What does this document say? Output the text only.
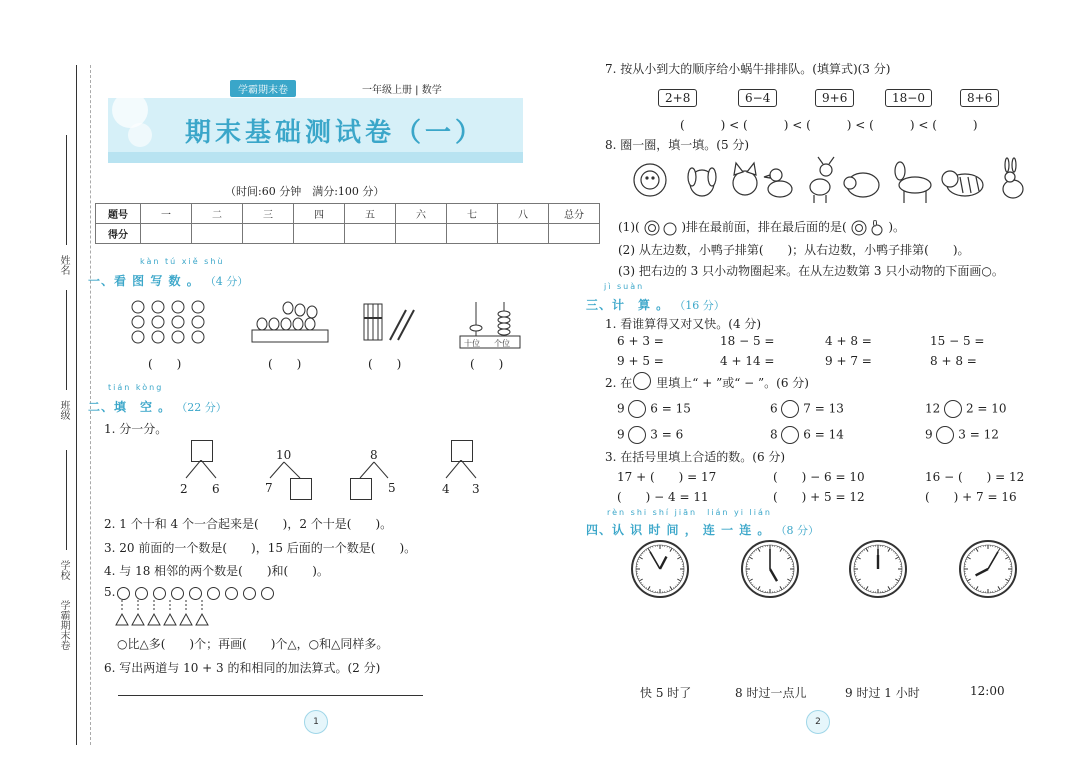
姓名
班级
学校
学霸期末卷
学霸期末卷	一年级上册 | 数学
期末基础测试卷（一）
（时间:60 分钟　满分:100 分）
题号	一	二	三	四	五	六	七	八	总分
得分									
kàn tú xiě shù
一、看 图 写 数 。 （4 分）
十位 个位
(　　)	(　　)	(　　)	(　　)
tián kòng
二、填　空 。 （22 分）
1. 分一分。
2 6
10
7
8
5	4 3
2. 1 个十和 4 个一合起来是(　　)，2 个十是(　　)。
3. 20 前面的一个数是(　　)，15 后面的一个数是(　　)。
4. 与 18 相邻的两个数是(　　)和(　　)。
5.
○比△多(　　)个；再画(　　)个△，○和△同样多。
6. 写出两道与 10 + 3 的和相同的加法算式。(2 分)
1
7. 按从小到大的顺序给小蜗牛排排队。(填算式)(3 分)
2+8	6−4	9+6	18−0	8+6
(　　　) < (　　　) < (　　　) < (　　　) < (　　　)
8. 圈一圈，填一填。(5 分)
(1)(	)排在最前面，排在最后面的是(	)。
(2) 从左边数，小鸭子排第(　　)；从右边数，小鸭子排第(　　)。
(3) 把右边的 3 只小动物圈起来。在从左边数第 3 只小动物的下面画○。
jì suàn
三、计　算 。 （16 分）
1. 看谁算得又对又快。(4 分)
6 + 3 =	18 − 5 =	4 + 8 =	15 − 5 =
9 + 5 =	4 + 14 =	9 + 7 =	8 + 8 =
2. 在　　里填上“ + ”或“ − ”。(6 分)
9 6 = 15	6 7 = 13	12 2 = 10
9 3 = 6	8 6 = 14	9 3 = 12
3. 在括号里填上合适的数。(6 分)
17 + (　　) = 17	(　　) − 6 = 10	16 − (　　) = 12
(　　) − 4 = 11	(　　) + 5 = 12	(　　) + 7 = 16
rèn shi shí jiān　lián yi lián
四、认 识 时 间 ， 连 一 连 。 （8 分）
快 5 时了	8 时过一点儿	9 时过 1 小时	12:00
2
